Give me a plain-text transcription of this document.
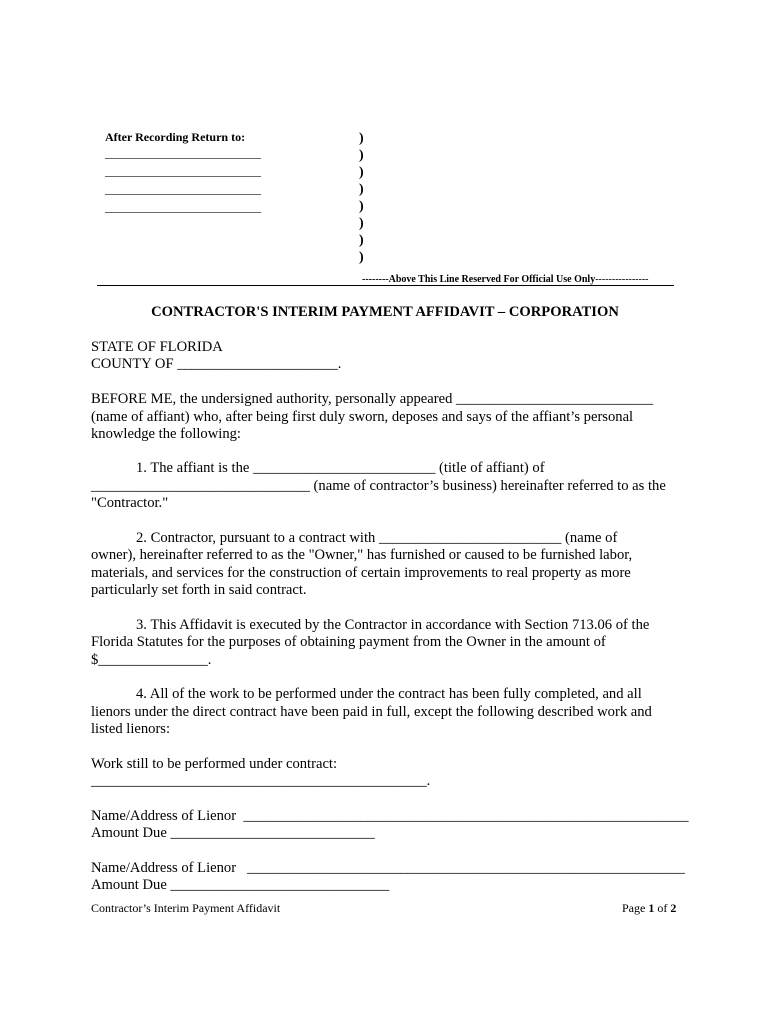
After Recording Return to:
__________________________
__________________________
__________________________
__________________________
)
)
)
)
)
)
)
)
--------Above This Line Reserved For Official Use Only----------------
CONTRACTOR'S INTERIM PAYMENT AFFIDAVIT – CORPORATION
STATE OF FLORIDA
COUNTY OF ______________________.
BEFORE ME, the undersigned authority, personally appeared ___________________________
(name of affiant) who, after being first duly sworn, deposes and says of the affiant’s personal
knowledge the following:
1. The affiant is the _________________________ (title of affiant) of
______________________________ (name of contractor’s business) hereinafter referred to as the
"Contractor."
2. Contractor, pursuant to a contract with _________________________ (name of
owner), hereinafter referred to as the "Owner," has furnished or caused to be furnished labor,
materials, and services for the construction of certain improvements to real property as more
particularly set forth in said contract.
3. This Affidavit is executed by the Contractor in accordance with Section 713.06 of the
Florida Statutes for the purposes of obtaining payment from the Owner in the amount of
$_______________.
4. All of the work to be performed under the contract has been fully completed, and all
lienors under the direct contract have been paid in full, except the following described work and
listed lienors:
Work still to be performed under contract:
______________________________________________.
Name/Address of Lienor  _____________________________________________________________
Amount Due ____________________________
Name/Address of Lienor   ____________________________________________________________
Amount Due ______________________________
Contractor’s Interim Payment Affidavit	Page 1 of 2
